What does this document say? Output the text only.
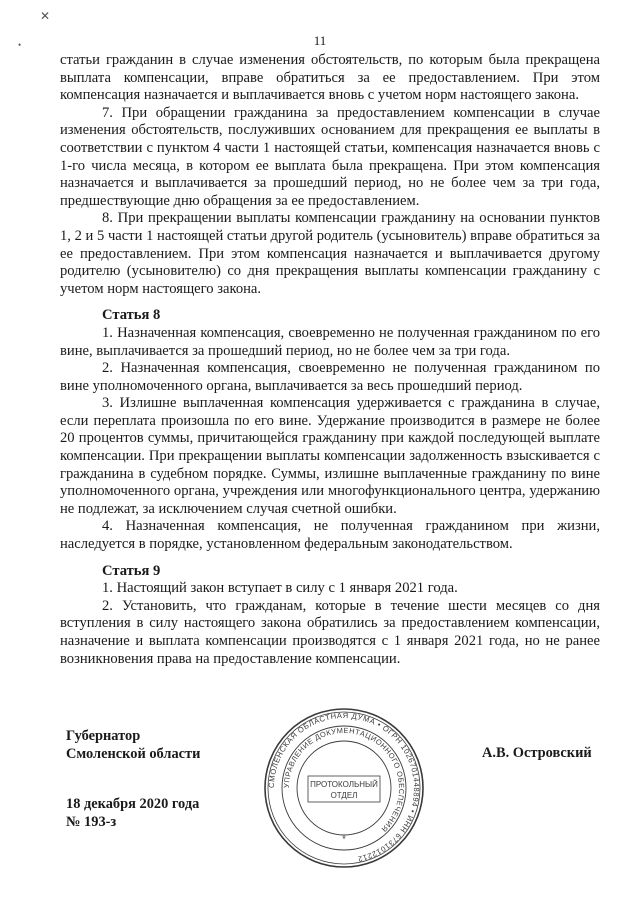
✕
•	11

статьи гражданин в случае изменения обстоятельств, по которым была прекращена выплата компенсации, вправе обратиться за ее предоставлением. При этом компенсация назначается и выплачивается вновь с учетом норм настоящего закона.

7. При обращении гражданина за предоставлением компенсации в случае изменения обстоятельств, послуживших основанием для прекращения ее выплаты в соответствии с пунктом 4 части 1 настоящей статьи, компенсация назначается вновь с 1-го числа месяца, в котором ее выплата была прекращена. При этом компенсация назначается и выплачивается за прошедший период, но не более чем за три года, предшествующие дню обращения за ее предоставлением.

8. При прекращении выплаты компенсации гражданину на основании пунктов 1, 2 и 5 части 1 настоящей статьи другой родитель (усыновитель) вправе обратиться за ее предоставлением. При этом компенсация назначается и выплачивается другому родителю (усыновителю) со дня прекращения выплаты компенсации гражданину с учетом норм настоящего закона.

Статья 8

1. Назначенная компенсация, своевременно не полученная гражданином по его вине, выплачивается за прошедший период, но не более чем за три года.

2. Назначенная компенсация, своевременно не полученная гражданином по вине уполномоченного органа, выплачивается за весь прошедший период.

3. Излишне выплаченная компенсация удерживается с гражданина в случае, если переплата произошла по его вине. Удержание производится в размере не более 20 процентов суммы, причитающейся гражданину при каждой последующей выплате компенсации. При прекращении выплаты компенсации задолженность взыскивается с гражданина в судебном порядке. Суммы, излишне выплаченные гражданину по вине уполномоченного органа, учреждения или многофункционального центра, удержанию не подлежат, за исключением случая счетной ошибки.

4. Назначенная компенсация, не полученная гражданином при жизни, наследуется в порядке, установленном федеральным законодательством.

Статья 9

1. Настоящий закон вступает в силу с 1 января 2021 года.

2. Установить, что гражданам, которые в течение шести месяцев со дня вступления в силу настоящего закона обратились за предоставлением компенсации, назначение и выплата компенсации производятся с 1 января 2021 года, но не ранее возникновения права на предоставление компенсации.

Губернатор
Смоленской области
18 декабря 2020 года
№ 193-з
А.В. Островский
СМОЛЕНСКАЯ ОБЛАСТНАЯ ДУМА • ОГРН 1026701448894 • ИНН 6731012212
УПРАВЛЕНИЕ ДОКУМЕНТАЦИОННОГО ОБЕСПЕЧЕНИЯ
ПРОТОКОЛЬНЫЙ
ОТДЕЛ
*
